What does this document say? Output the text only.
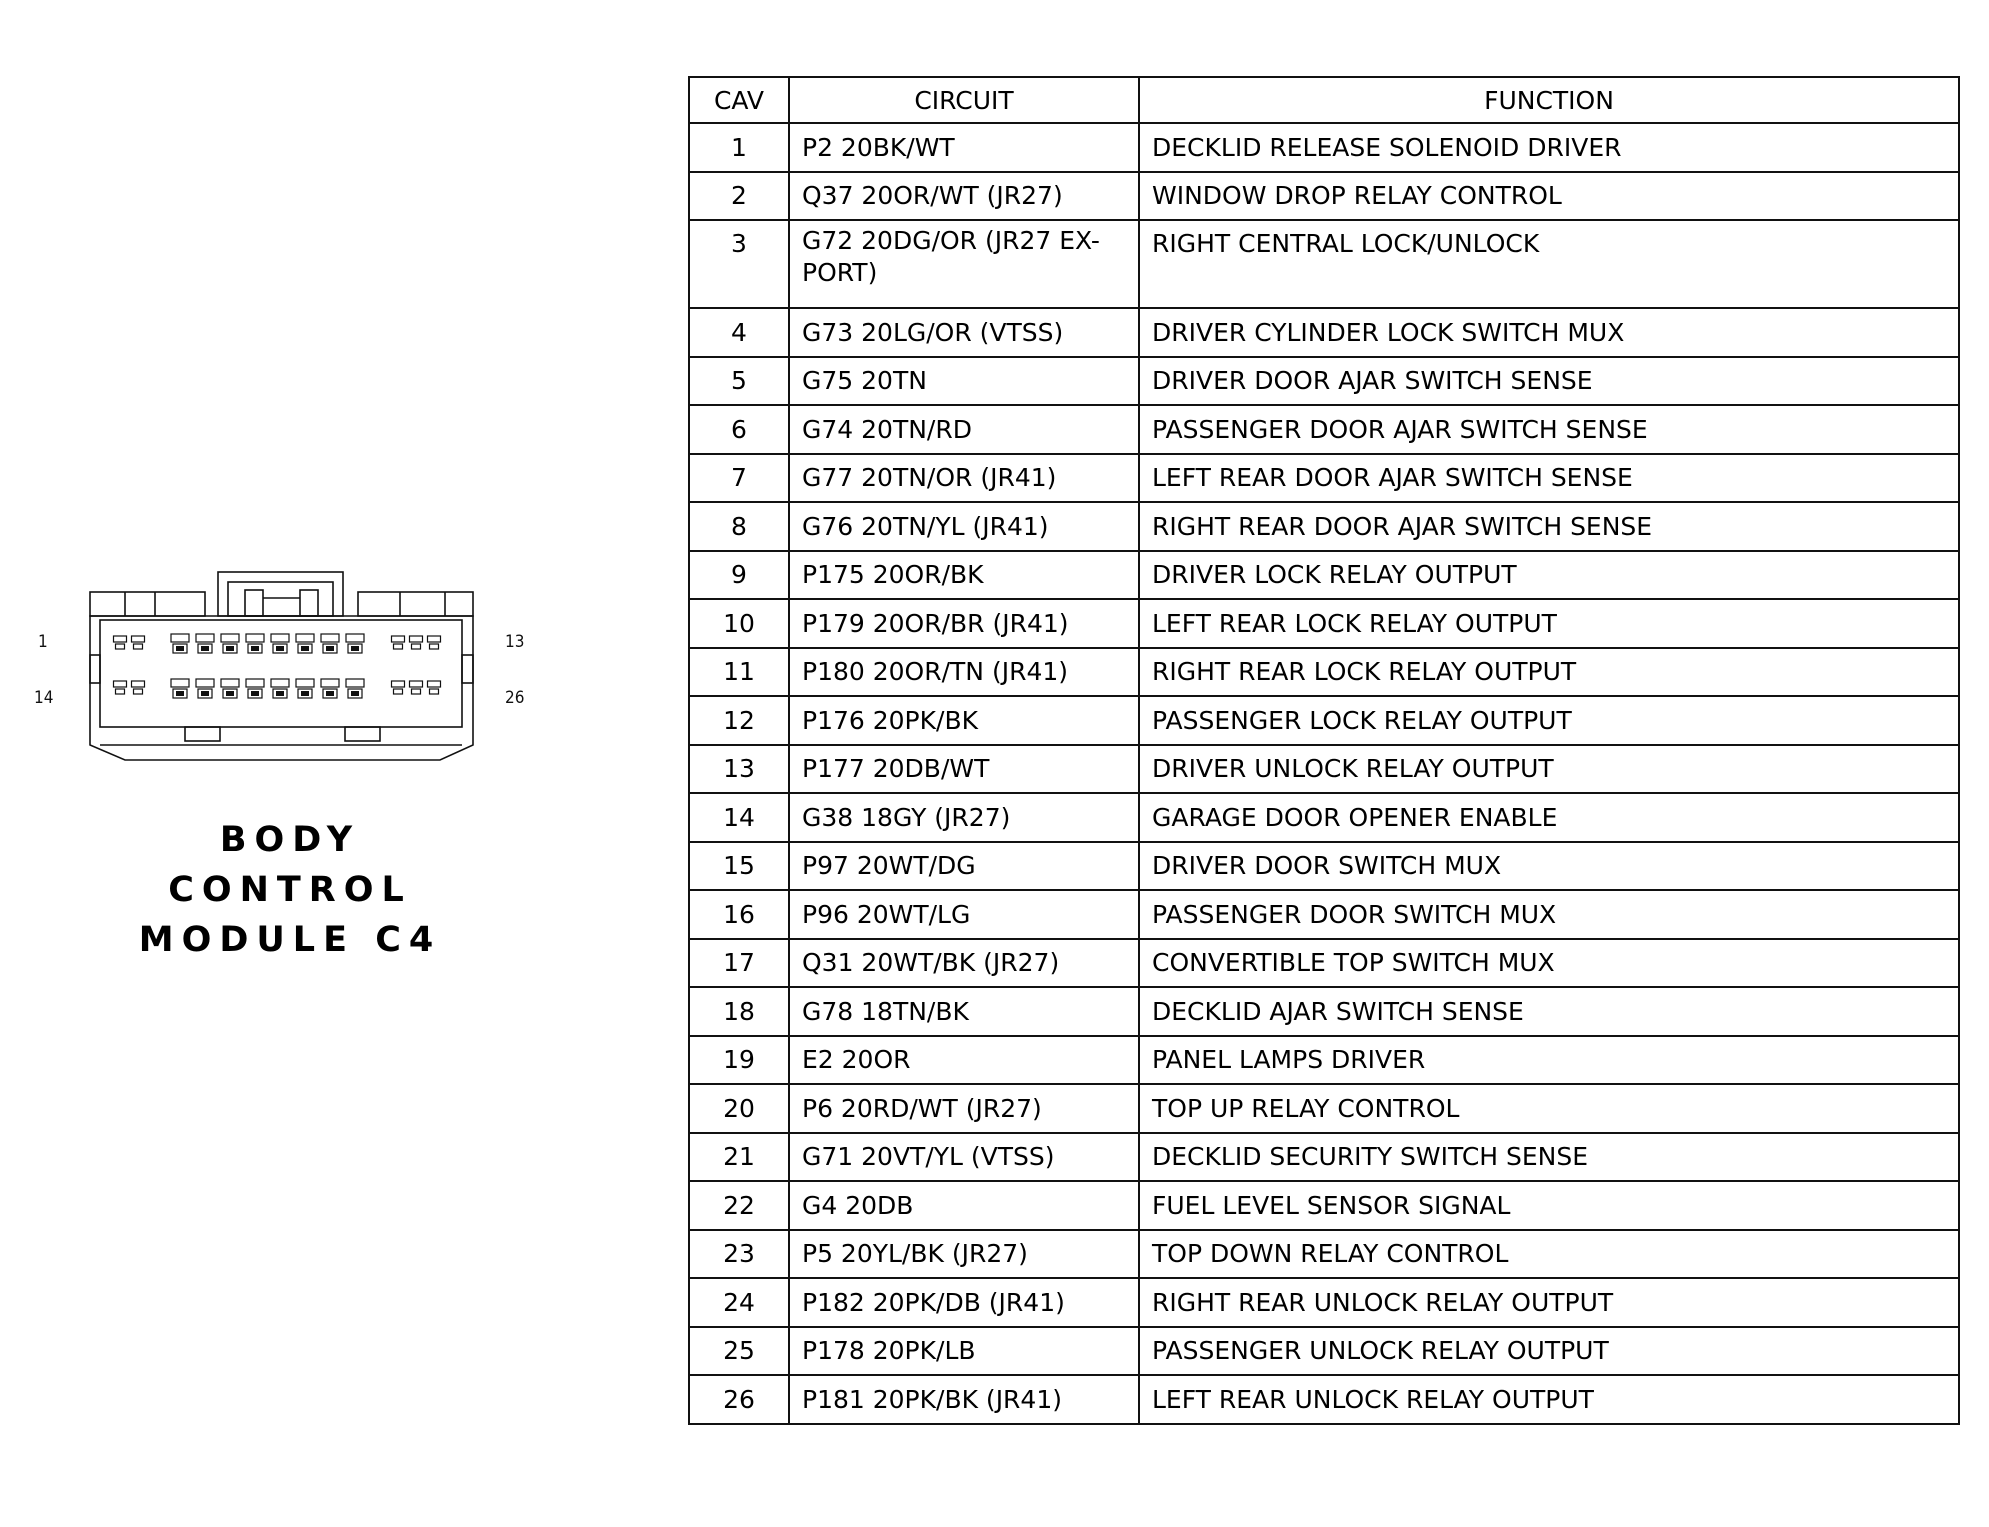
1	13
14	26
BODY CONTROL
MODULE C4
CAV	CIRCUIT	FUNCTION
1	P2 20BK/WT	DECKLID RELEASE SOLENOID DRIVER
2	Q37 20OR/WT (JR27)	WINDOW DROP RELAY CONTROL
3	G72 20DG/OR (JR27 EX-PORT)	RIGHT CENTRAL LOCK/UNLOCK
4	G73 20LG/OR (VTSS)	DRIVER CYLINDER LOCK SWITCH MUX
5	G75 20TN	DRIVER DOOR AJAR SWITCH SENSE
6	G74 20TN/RD	PASSENGER DOOR AJAR SWITCH SENSE
7	G77 20TN/OR (JR41)	LEFT REAR DOOR AJAR SWITCH SENSE
8	G76 20TN/YL (JR41)	RIGHT REAR DOOR AJAR SWITCH SENSE
9	P175 20OR/BK	DRIVER LOCK RELAY OUTPUT
10	P179 20OR/BR (JR41)	LEFT REAR LOCK RELAY OUTPUT
11	P180 20OR/TN (JR41)	RIGHT REAR LOCK RELAY OUTPUT
12	P176 20PK/BK	PASSENGER LOCK RELAY OUTPUT
13	P177 20DB/WT	DRIVER UNLOCK RELAY OUTPUT
14	G38 18GY (JR27)	GARAGE DOOR OPENER ENABLE
15	P97 20WT/DG	DRIVER DOOR SWITCH MUX
16	P96 20WT/LG	PASSENGER DOOR SWITCH MUX
17	Q31 20WT/BK (JR27)	CONVERTIBLE TOP SWITCH MUX
18	G78 18TN/BK	DECKLID AJAR SWITCH SENSE
19	E2 20OR	PANEL LAMPS DRIVER
20	P6 20RD/WT (JR27)	TOP UP RELAY CONTROL
21	G71 20VT/YL (VTSS)	DECKLID SECURITY SWITCH SENSE
22	G4 20DB	FUEL LEVEL SENSOR SIGNAL
23	P5 20YL/BK (JR27)	TOP DOWN RELAY CONTROL
24	P182 20PK/DB (JR41)	RIGHT REAR UNLOCK RELAY OUTPUT
25	P178 20PK/LB	PASSENGER UNLOCK RELAY OUTPUT
26	P181 20PK/BK (JR41)	LEFT REAR UNLOCK RELAY OUTPUT
